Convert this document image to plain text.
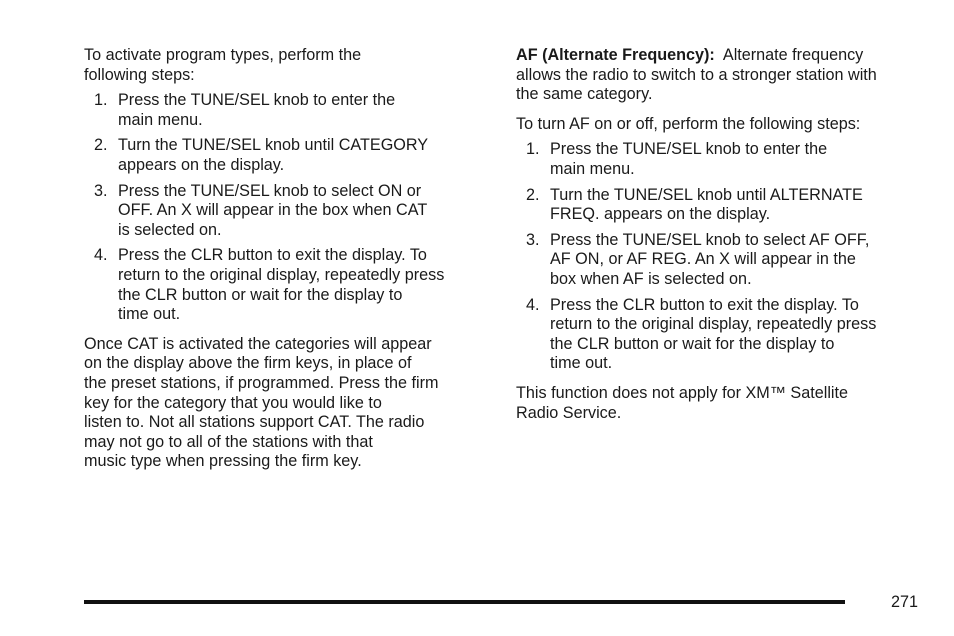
To activate program types, perform the
following steps:

1. Press the TUNE/SEL knob to enter the
main menu.
2. Turn the TUNE/SEL knob until CATEGORY
appears on the display.
3. Press the TUNE/SEL knob to select ON or
OFF. An X will appear in the box when CAT
is selected on.
4. Press the CLR button to exit the display. To
return to the original display, repeatedly press
the CLR button or wait for the display to
time out.

Once CAT is activated the categories will appear
on the display above the firm keys, in place of
the preset stations, if programmed. Press the firm
key for the category that you would like to
listen to. Not all stations support CAT. The radio
may not go to all of the stations with that
music type when pressing the firm key.

AF (Alternate Frequency): Alternate frequency
allows the radio to switch to a stronger station with
the same category.

To turn AF on or off, perform the following steps:

1. Press the TUNE/SEL knob to enter the
main menu.
2. Turn the TUNE/SEL knob until ALTERNATE
FREQ. appears on the display.
3. Press the TUNE/SEL knob to select AF OFF,
AF ON, or AF REG. An X will appear in the
box when AF is selected on.
4. Press the CLR button to exit the display. To
return to the original display, repeatedly press
the CLR button or wait for the display to
time out.

This function does not apply for XM™ Satellite
Radio Service.

271
